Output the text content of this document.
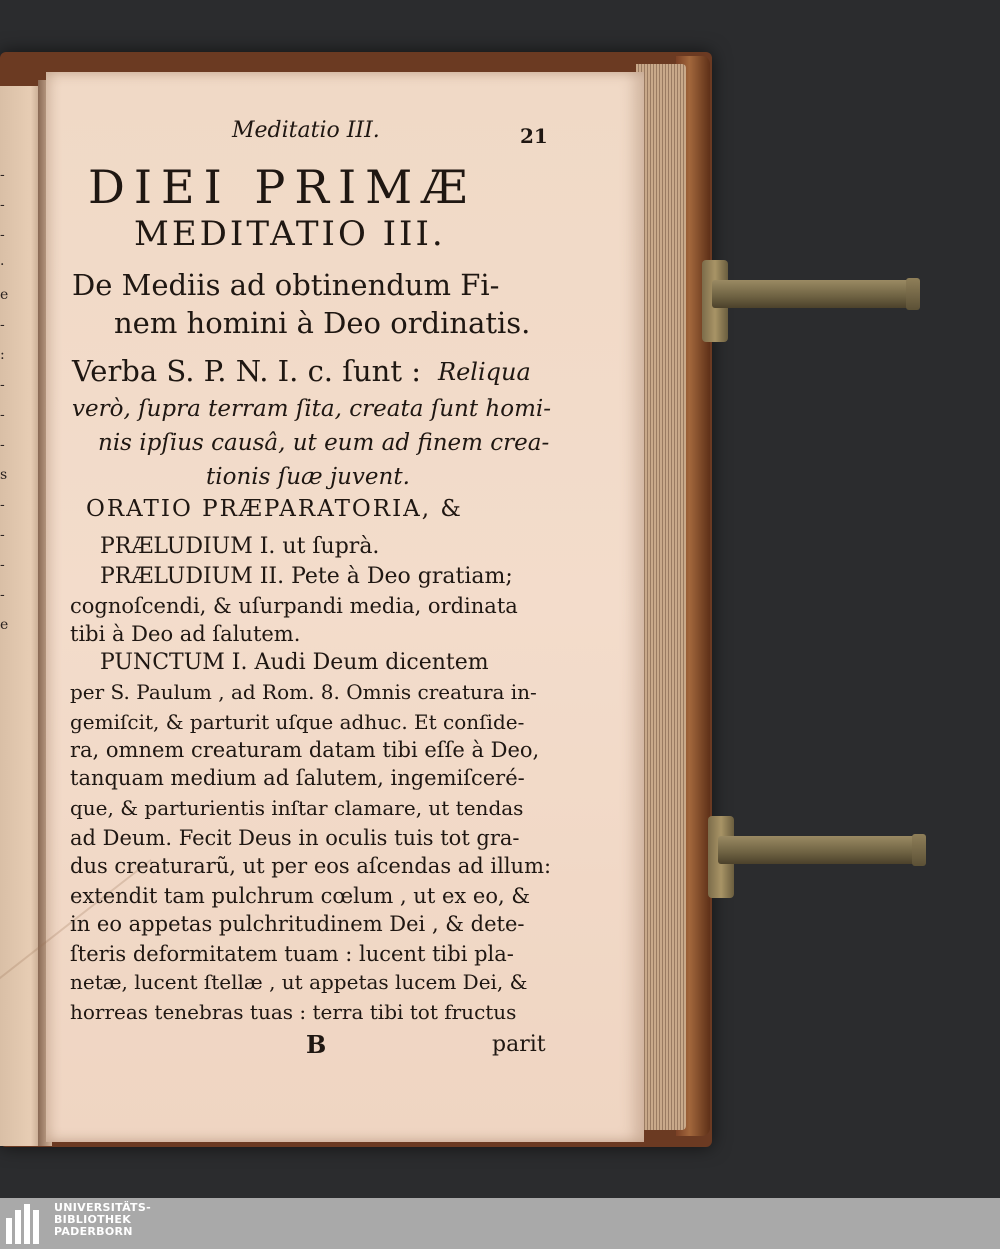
-
-
-
·
e
-
:
-
-
-
s
-
-
-
-
e
Meditatio III.	21
DIEI PRIMÆ
MEDITATIO III.
De Mediis ad obtinendum Fi-
nem homini à Deo ordinatis.
Verba S. P. N. I. c. ſunt : Reliqua
verò, ſupra terram ſita, creata ſunt homi-
nis ipſius causâ, ut eum ad finem crea-
tionis ſuæ juvent.
ORATIO PRÆPARATORIA, &
PRÆLUDIUM I. ut ſuprà.
PRÆLUDIUM II. Pete à Deo gratiam;
cognoſcendi, & uſurpandi media, ordinata
tibi à Deo ad ſalutem.
PUNCTUM I. Audi Deum dicentem
per S. Paulum , ad Rom. 8. Omnis creatura in-
gemiſcit, & parturit uſque adhuc. Et conſide-
ra, omnem creaturam datam tibi eſſe à Deo,
tanquam medium ad ſalutem, ingemiſceré-
que, & parturientis inſtar clamare, ut tendas
ad Deum. Fecit Deus in oculis tuis tot gra-
dus creaturarũ, ut per eos aſcendas ad illum:
extendit tam pulchrum cœlum , ut ex eo, &
in eo appetas pulchritudinem Dei , & dete-
ſteris deformitatem tuam : lucent tibi pla-
netæ, lucent ſtellæ , ut appetas lucem Dei, &
horreas tenebras tuas : terra tibi tot fructus
B	parit
UNIVERSITÄTS-
BIBLIOTHEK
PADERBORN
